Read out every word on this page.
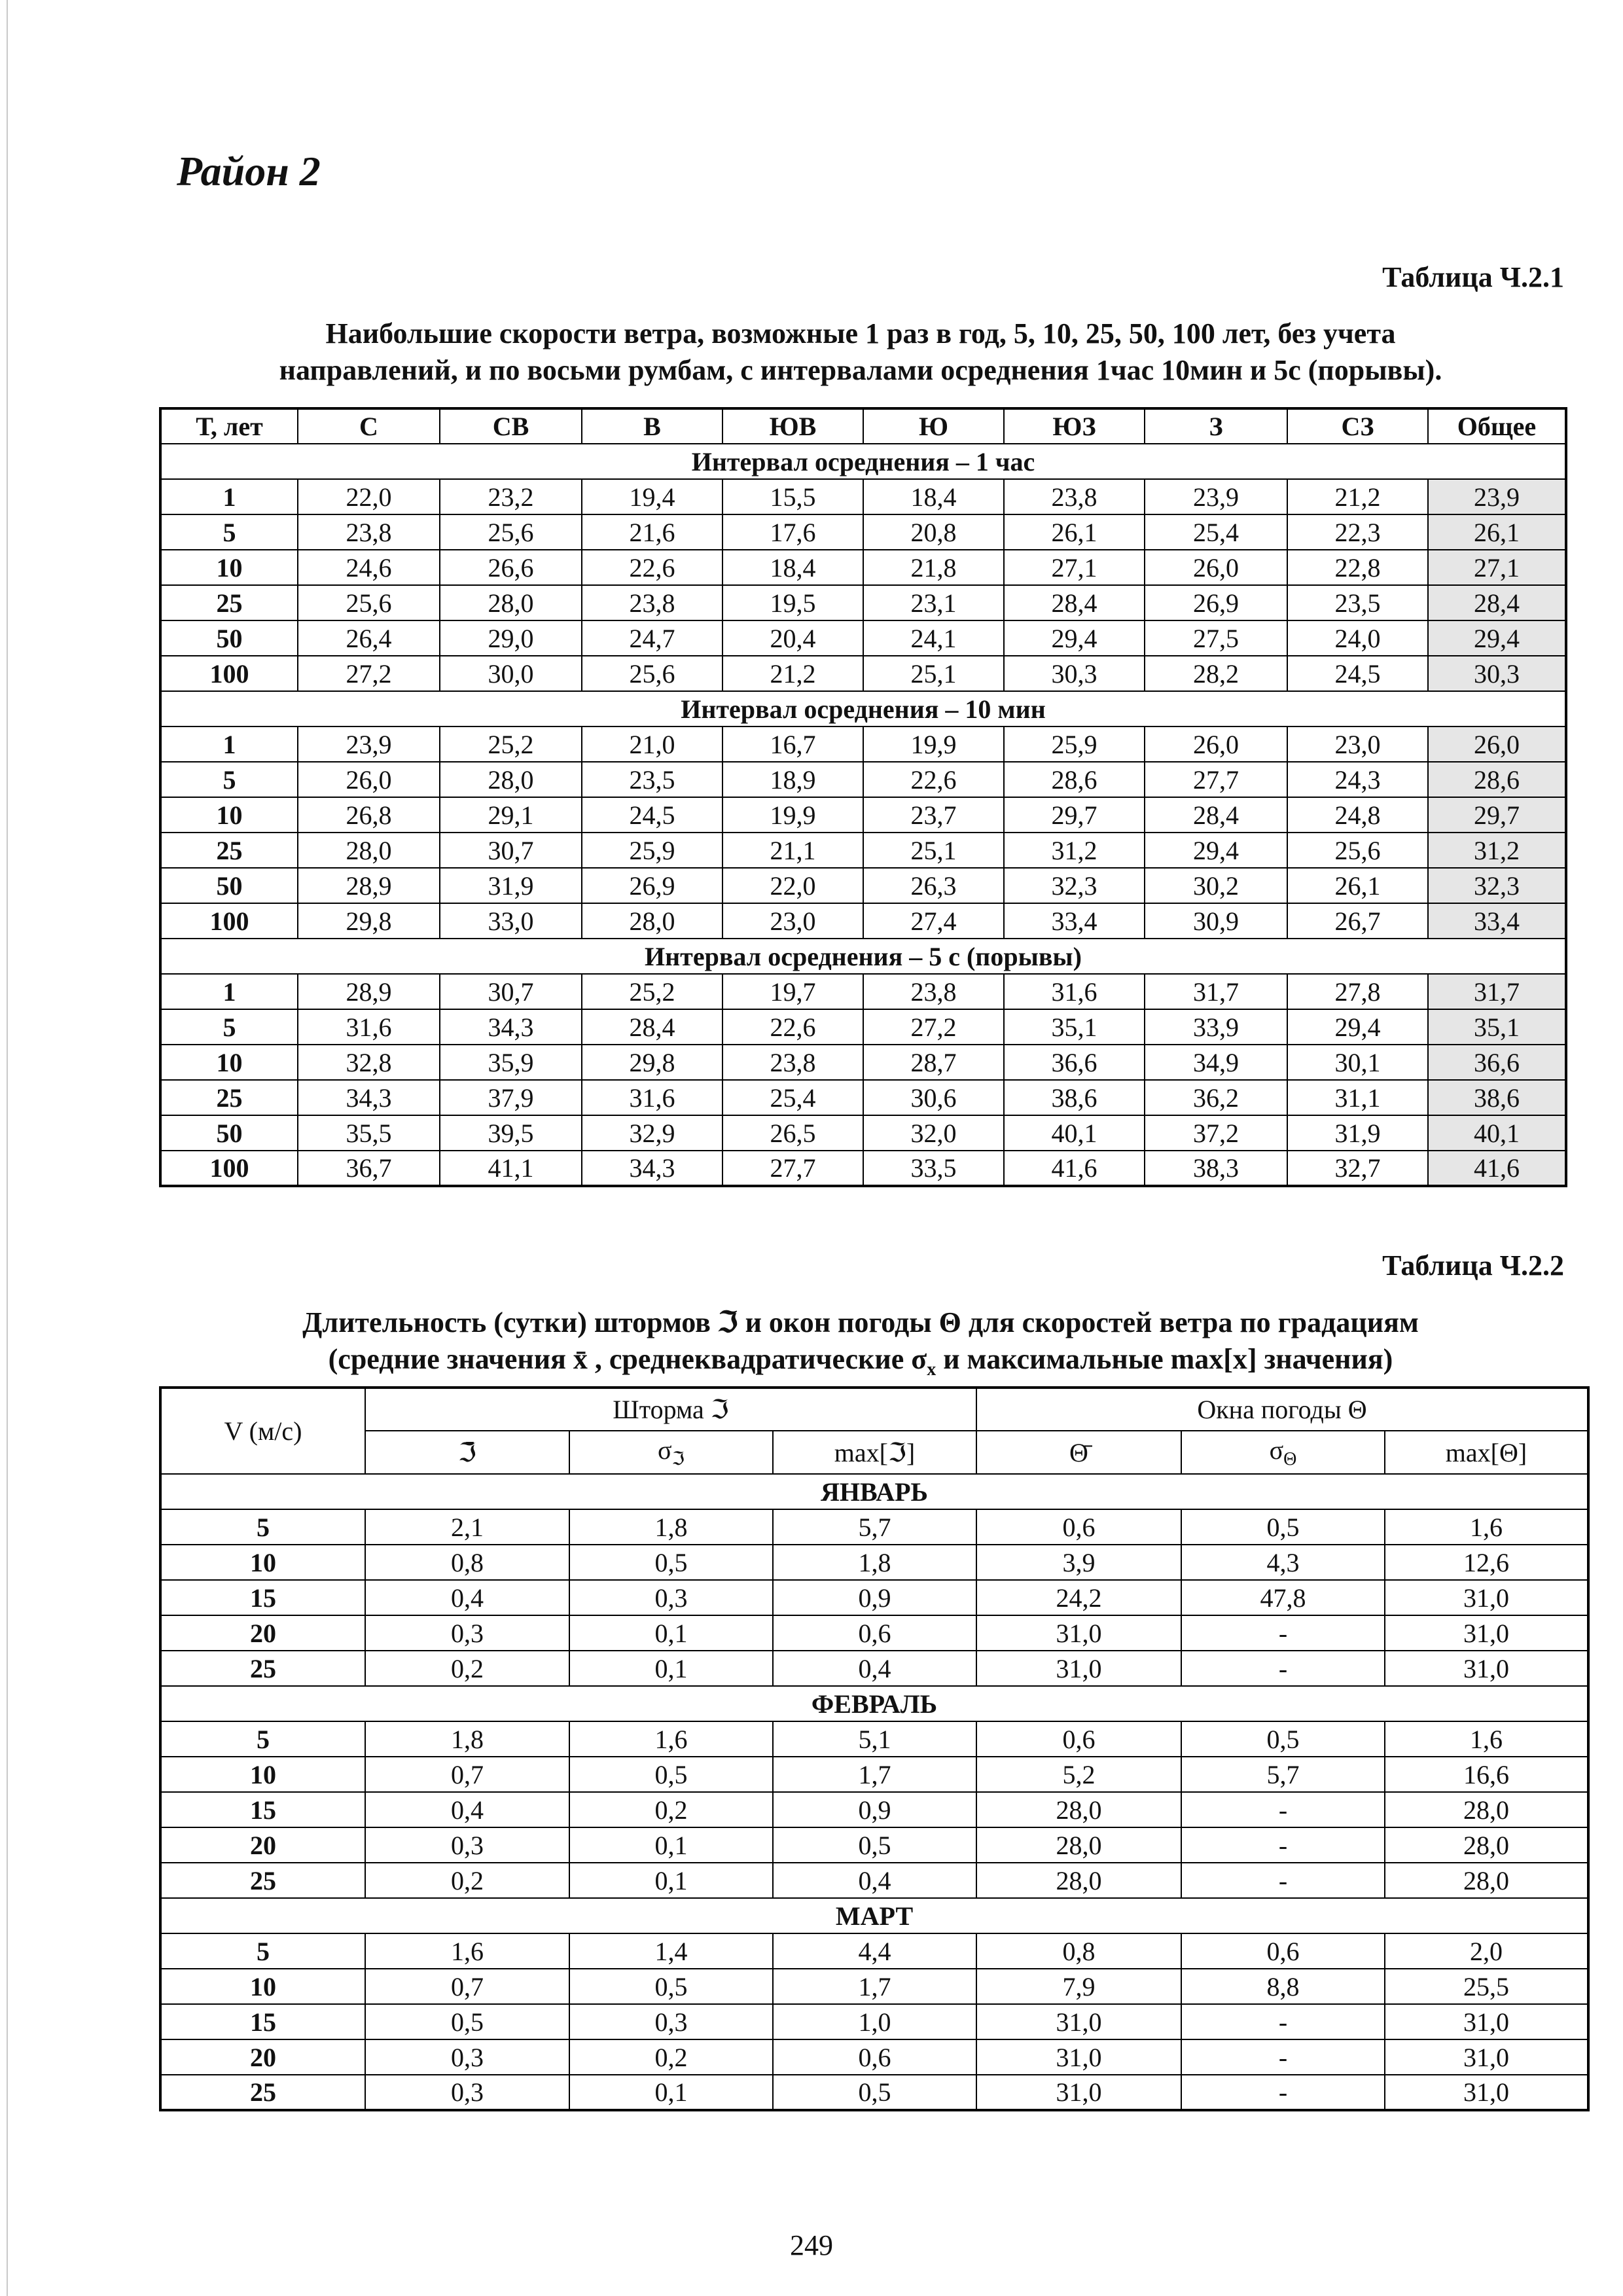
Район 2
Таблица Ч.2.1
Наибольшие скорости ветра, возможные 1 раз в год, 5, 10, 25, 50, 100 лет, без учета
направлений, и по восьми румбам, с интервалами осреднения 1час 10мин и 5с (порывы).
Т, лет	С	СВ	В	ЮВ	Ю	ЮЗ	З	СЗ	Общее
Интервал осреднения – 1 час									
1	22,0	23,2	19,4	15,5	18,4	23,8	23,9	21,2	23,9
5	23,8	25,6	21,6	17,6	20,8	26,1	25,4	22,3	26,1
10	24,6	26,6	22,6	18,4	21,8	27,1	26,0	22,8	27,1
25	25,6	28,0	23,8	19,5	23,1	28,4	26,9	23,5	28,4
50	26,4	29,0	24,7	20,4	24,1	29,4	27,5	24,0	29,4
100	27,2	30,0	25,6	21,2	25,1	30,3	28,2	24,5	30,3
Интервал осреднения – 10 мин									
1	23,9	25,2	21,0	16,7	19,9	25,9	26,0	23,0	26,0
5	26,0	28,0	23,5	18,9	22,6	28,6	27,7	24,3	28,6
10	26,8	29,1	24,5	19,9	23,7	29,7	28,4	24,8	29,7
25	28,0	30,7	25,9	21,1	25,1	31,2	29,4	25,6	31,2
50	28,9	31,9	26,9	22,0	26,3	32,3	30,2	26,1	32,3
100	29,8	33,0	28,0	23,0	27,4	33,4	30,9	26,7	33,4
Интервал осреднения – 5 с (порывы)									
1	28,9	30,7	25,2	19,7	23,8	31,6	31,7	27,8	31,7
5	31,6	34,3	28,4	22,6	27,2	35,1	33,9	29,4	35,1
10	32,8	35,9	29,8	23,8	28,7	36,6	34,9	30,1	36,6
25	34,3	37,9	31,6	25,4	30,6	38,6	36,2	31,1	38,6
50	35,5	39,5	32,9	26,5	32,0	40,1	37,2	31,9	40,1
100	36,7	41,1	34,3	27,7	33,5	41,6	38,3	32,7	41,6
Таблица Ч.2.2
Длительность (сутки) штормов ℑ и окон погоды Θ для скоростей ветра по градациям
(средние значения x̄ , среднеквадратические $\sigma_x$ и максимальные max[x] значения)
V (м/с)	Шторма ℑ			Окна погоды Θ		
	ℑ̄	$\sigma_ℑ$	max[ℑ]	Θ̄	$\sigma_\Theta$	max[Θ]
ЯНВАРЬ						
5	2,1	1,8	5,7	0,6	0,5	1,6
10	0,8	0,5	1,8	3,9	4,3	12,6
15	0,4	0,3	0,9	24,2	47,8	31,0
20	0,3	0,1	0,6	31,0	-	31,0
25	0,2	0,1	0,4	31,0	-	31,0
ФЕВРАЛЬ						
5	1,8	1,6	5,1	0,6	0,5	1,6
10	0,7	0,5	1,7	5,2	5,7	16,6
15	0,4	0,2	0,9	28,0	-	28,0
20	0,3	0,1	0,5	28,0	-	28,0
25	0,2	0,1	0,4	28,0	-	28,0
МАРТ						
5	1,6	1,4	4,4	0,8	0,6	2,0
10	0,7	0,5	1,7	7,9	8,8	25,5
15	0,5	0,3	1,0	31,0	-	31,0
20	0,3	0,2	0,6	31,0	-	31,0
25	0,3	0,1	0,5	31,0	-	31,0
249
